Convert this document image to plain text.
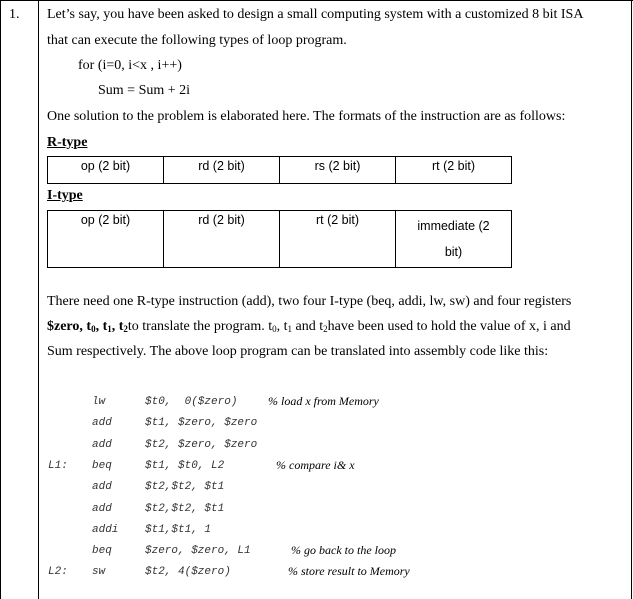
1. Let’s say, you have been asked to design a small computing system with a customized 8 bit ISA
that can execute the following types of loop program.
for (i=0, i<x , i++)
Sum = Sum + 2i
One solution to the problem is elaborated here. The formats of the instruction are as follows:
R-type
op (2 bit)	rd (2 bit)	rs (2 bit)	rt (2 bit)
I-type
op (2 bit)	rd (2 bit)	rt (2 bit)	immediate (2
bit)
There need one R-type instruction (add), two four I-type (beq, addi, lw, sw) and four registers
$zero, $t_0$, $t_1$, $t_2to$ translate the program. $t_0$, $t_1$ and $t_2have$ been used to hold the value of x, i and
Sum respectively. The above loop program can be translated into assembly code like this:
lw	$t0,  0($zero)	% load x from Memory
add	$t1, $zero, $zero
add	$t2, $zero, $zero
L1: beq	$t1, $t0, L2	% compare i& x
add	$t2,$t2, $t1
add	$t2,$t2, $t1
addi $t1,$t1, 1
beq	$zero, $zero, L1	% go back to the loop
L2: sw	$t2, 4($zero)	% store result to Memory
